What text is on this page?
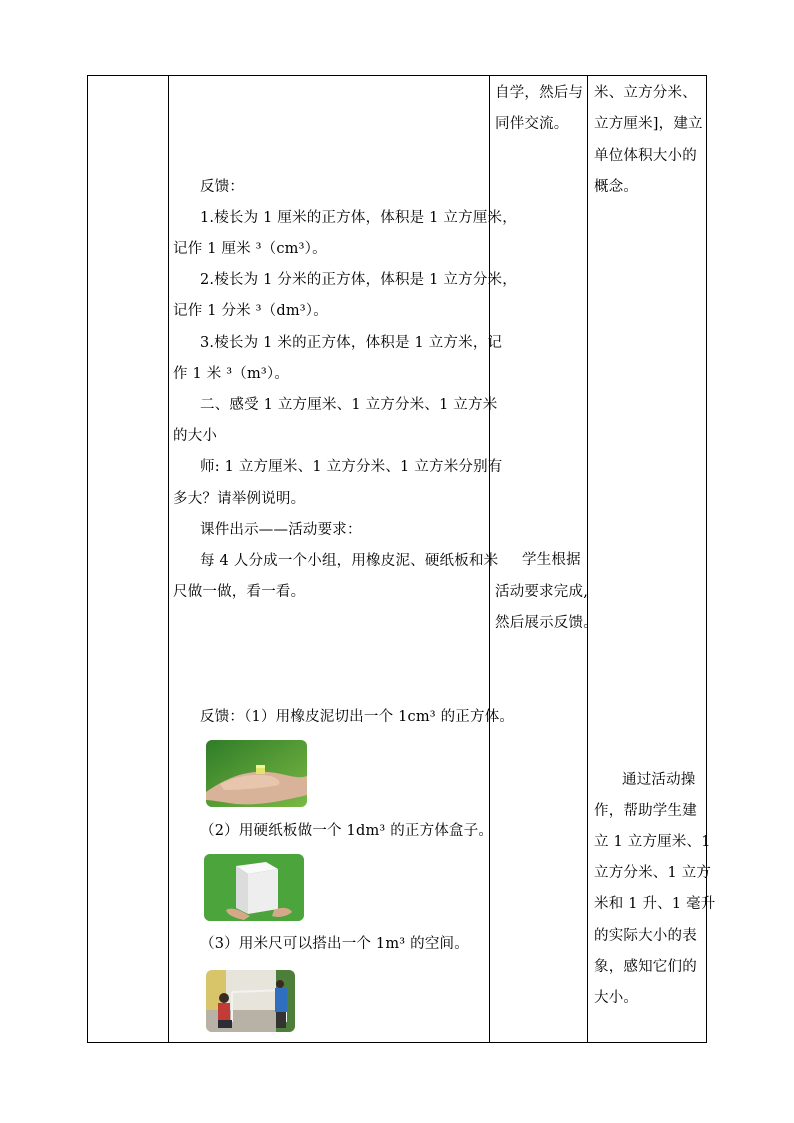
自学，然后与
同伴交流。
学生根据
活动要求完成,
然后展示反馈。
米、立方分米、
立方厘米]，建立
单位体积大小的
概念。
通过活动操
作，帮助学生建
立 1 立方厘米、1
立方分米、1 立方
米和 1 升、1 毫升
的实际大小的表
象，感知它们的
大小。
反馈：
1.棱长为 1 厘米的正方体，体积是 1 立方厘米，
记作 1 厘米 ³（cm³）。
2.棱长为 1 分米的正方体，体积是 1 立方分米，
记作 1 分米 ³（dm³）。
3.棱长为 1 米的正方体，体积是 1 立方米，记
作 1 米 ³（m³）。
二、感受 1 立方厘米、1 立方分米、1 立方米
的大小
师: 1 立方厘米、1 立方分米、1 立方米分别有
多大？请举例说明。
课件出示——活动要求：
每 4 人分成一个小组，用橡皮泥、硬纸板和米
尺做一做，看一看。
反馈：（1）用橡皮泥切出一个 1cm³ 的正方体。
（2）用硬纸板做一个 1dm³ 的正方体盒子。
（3）用米尺可以搭出一个 1m³ 的空间。
